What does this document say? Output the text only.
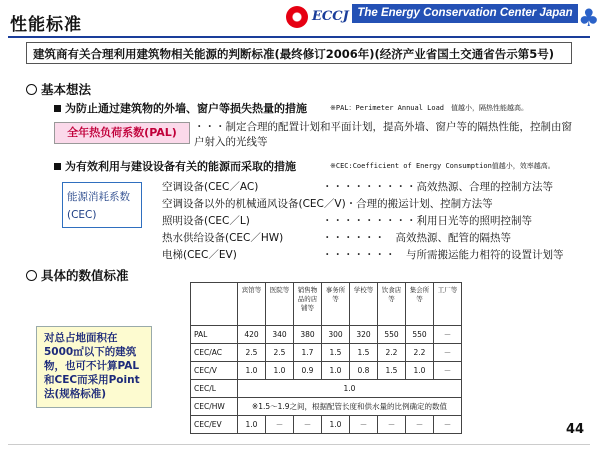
性能标准	ECCJ The Energy Conservation Center Japan ♣
建筑商有关合理利用建筑物相关能源的判断标准(最终修订2006年)(经济产业省国土交通省告示第5号)
基本想法
为防止通过建筑物的外墙、窗户等损失热量的措施	※PAL：Perimeter Annual Load　值越小，隔热性能越高。
全年热负荷系数(PAL)	・・・制定合理的配置计划和平面计划，提高外墙、窗户等的隔热性能，控制由窗户射入的光线等
为有效利用与建设设备有关的能源而采取的措施	※CEC:Coefficient of Energy Consumption值越小，效率越高。
能源消耗系数
(CEC)
空调设备(CEC／AC)	・・・・・・・・・高效热源、合理的控制方法等
空调设备以外的机械通风设备(CEC／V) ・合理的搬运计划、控制方法等
照明设备(CEC／L)	・・・・・・・・・利用日光等的照明控制等
热水供给设备(CEC／HW)	・・・・・・　高效热源、配管的隔热等
电梯(CEC／EV)	・・・・・・・　与所需搬运能力相符的设置计划等
具体的数值标准
对总占地面积在5000㎡以下的建筑物，也可不计算PAL和CEC而采用Point法(规格标准)
	宾馆等	医院等	销售物品的店铺等	事务所等	学校等	饮食店等	集会所等	工厂等
PAL	420	340	380	300	320	550	550	－
CEC/AC	2.5	2.5	1.7	1.5	1.5	2.2	2.2	－
CEC/V	1.0	1.0	0.9	1.0	0.8	1.5	1.0	－
CEC/L	1.0							
CEC/HW	※1.5～1.9之间，根据配管长度和供水量的比例确定的数值							
CEC/EV	1.0	－	－	1.0	－	－	－	－	44
